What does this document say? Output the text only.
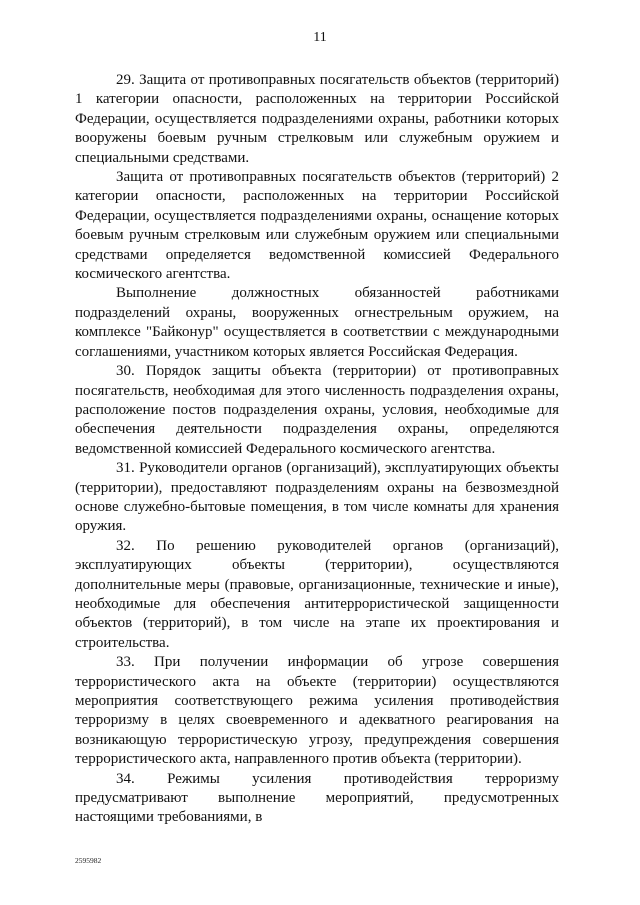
11

29. Защита от противоправных посягательств объектов (территорий) 1 категории опасности, расположенных на территории Российской Федерации, осуществляется подразделениями охраны, работники которых вооружены боевым ручным стрелковым или служебным оружием и специальными средствами.

Защита от противоправных посягательств объектов (территорий) 2 категории опасности, расположенных на территории Российской Федерации, осуществляется подразделениями охраны, оснащение которых боевым ручным стрелковым или служебным оружием или специальными средствами определяется ведомственной комиссией Федерального космического агентства.

Выполнение должностных обязанностей работниками подразделений охраны, вооруженных огнестрельным оружием, на комплексе "Байконур" осуществляется в соответствии с международными соглашениями, участником которых является Российская Федерация.

30. Порядок защиты объекта (территории) от противоправных посягательств, необходимая для этого численность подразделения охраны, расположение постов подразделения охраны, условия, необходимые для обеспечения деятельности подразделения охраны, определяются ведомственной комиссией Федерального космического агентства.

31. Руководители органов (организаций), эксплуатирующих объекты (территории), предоставляют подразделениям охраны на безвозмездной основе служебно-бытовые помещения, в том числе комнаты для хранения оружия.

32. По решению руководителей органов (организаций), эксплуатирующих объекты (территории), осуществляются дополнительные меры (правовые, организационные, технические и иные), необходимые для обеспечения антитеррористической защищенности объектов (территорий), в том числе на этапе их проектирования и строительства.

33. При получении информации об угрозе совершения террористического акта на объекте (территории) осуществляются мероприятия соответствующего режима усиления противодействия терроризму в целях своевременного и адекватного реагирования на возникающую террористическую угрозу, предупреждения совершения террористического акта, направленного против объекта (территории).

34. Режимы усиления противодействия терроризму предусматривают выполнение мероприятий, предусмотренных настоящими требованиями, в

2595982
